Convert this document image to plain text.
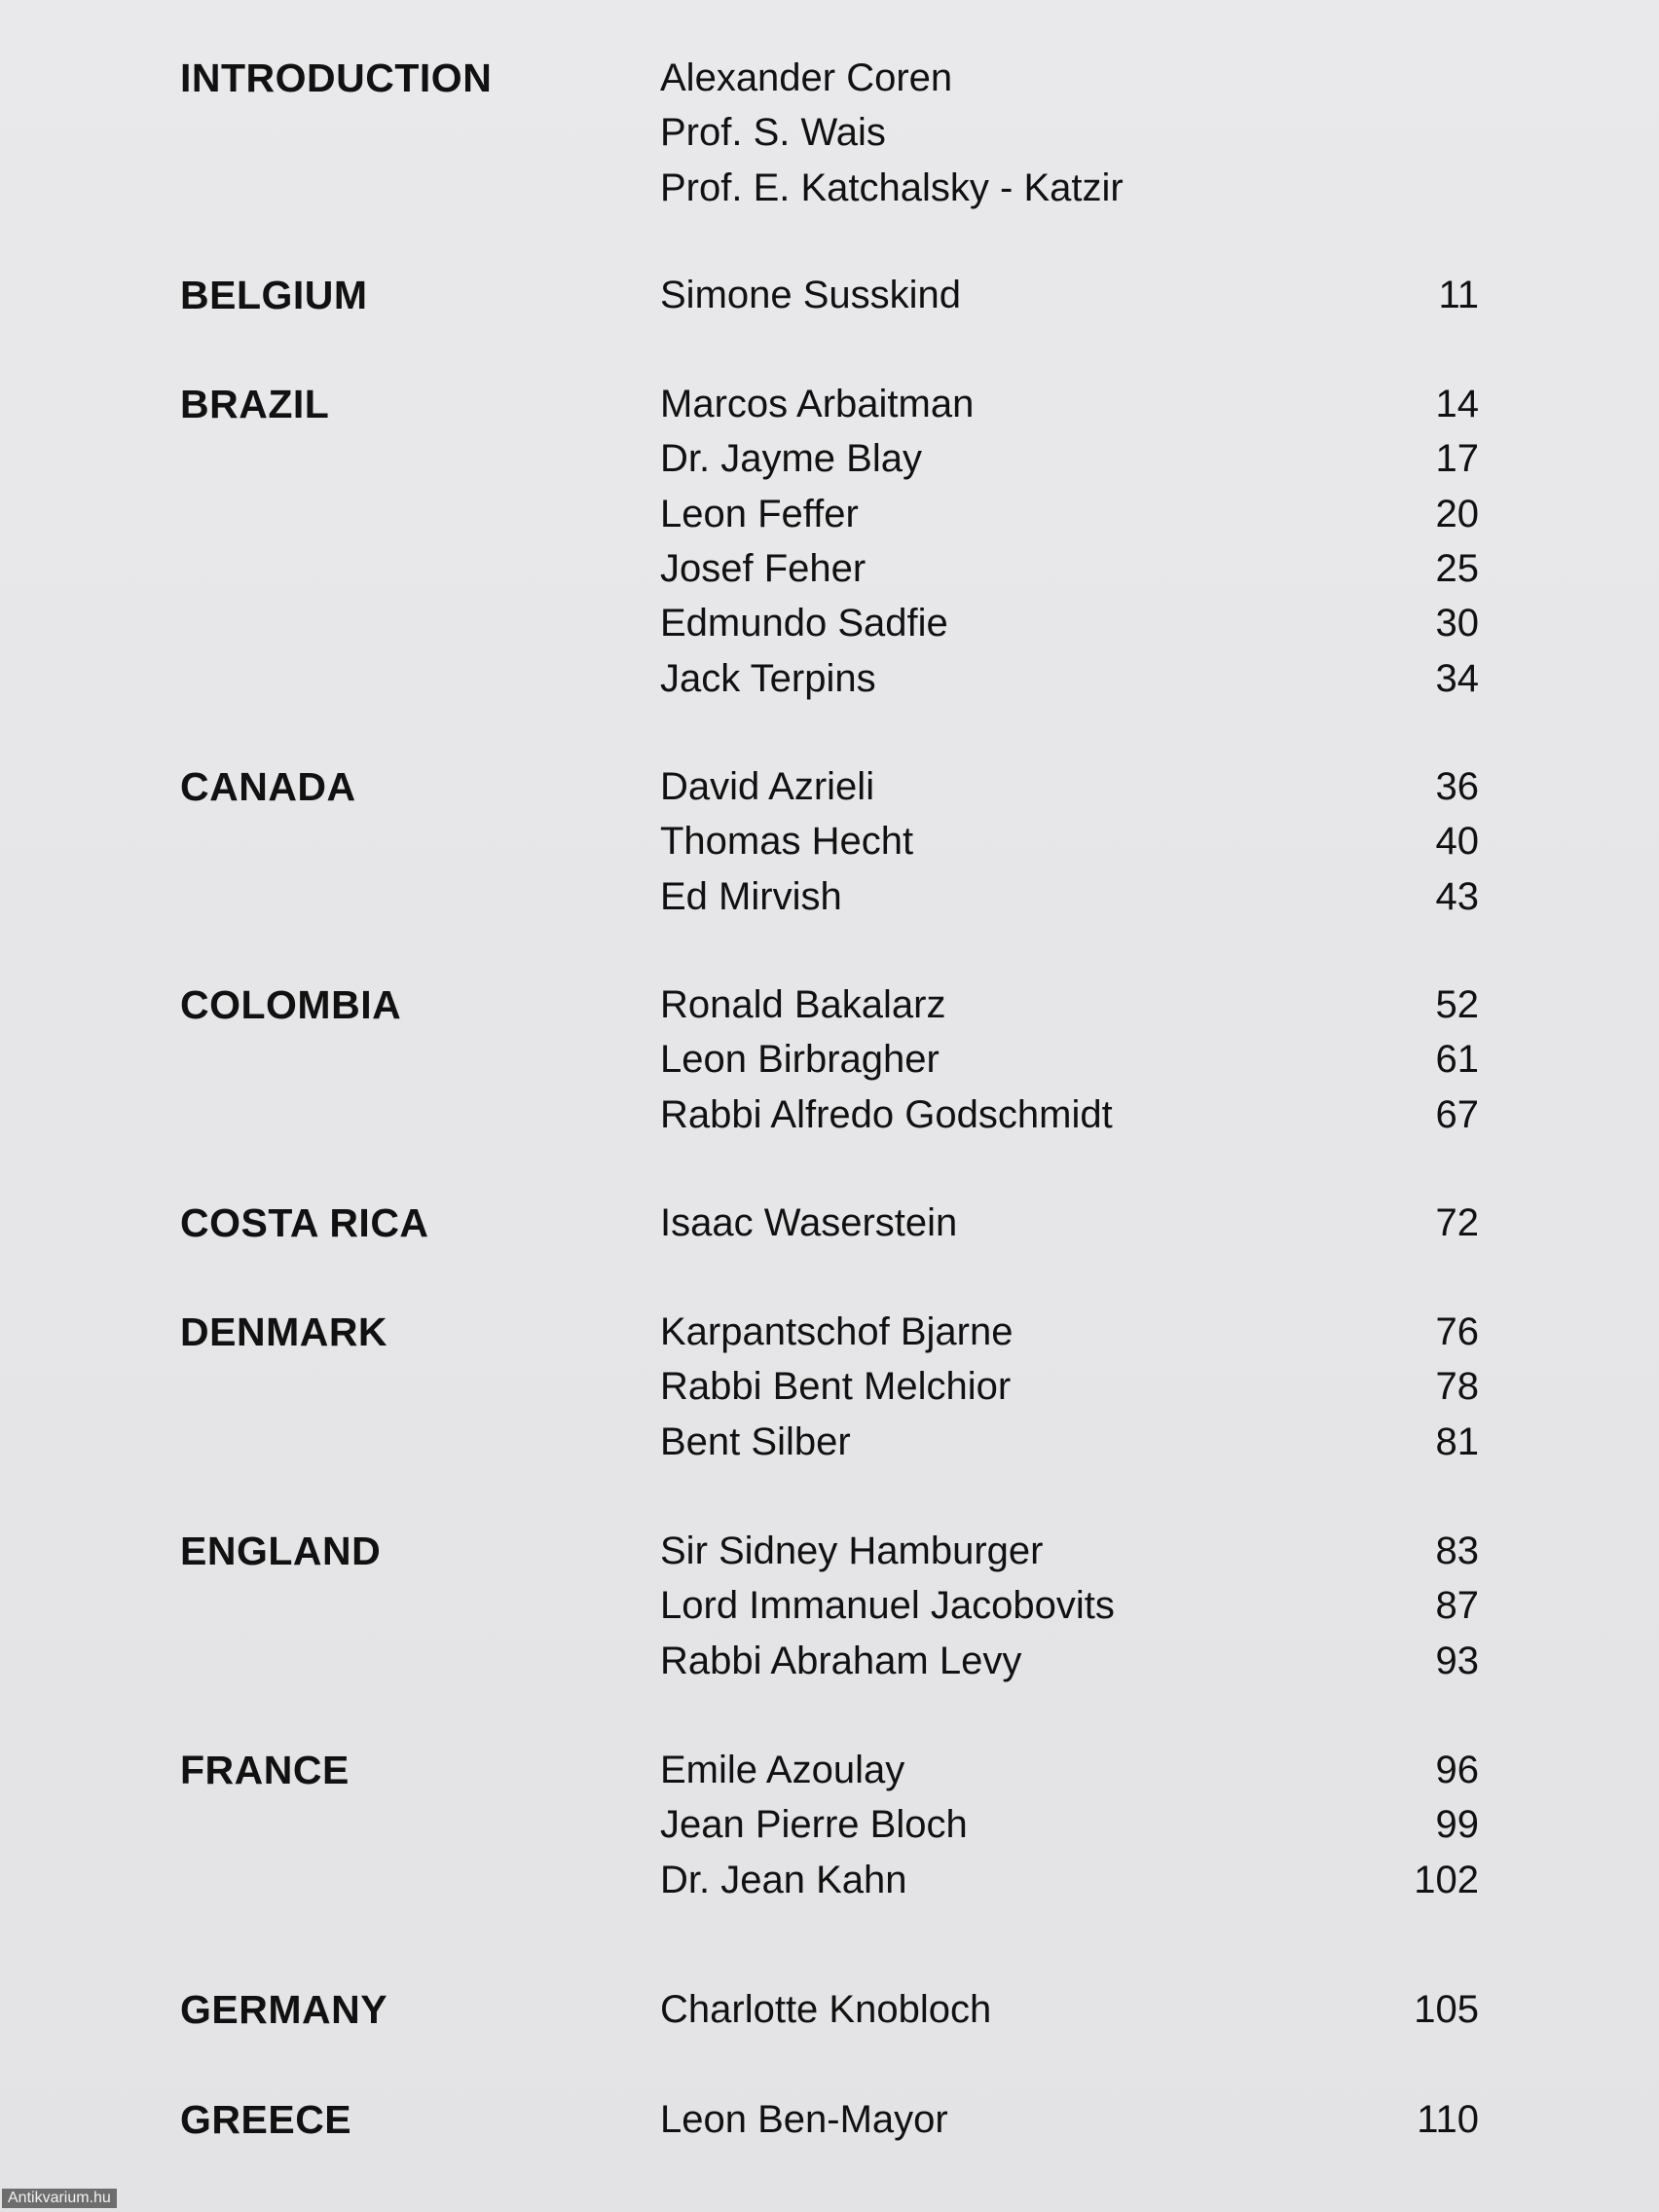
INTRODUCTION	Alexander Coren
Prof. S. Wais
Prof. E. Katchalsky - Katzir
BELGIUM	Simone Susskind	11
BRAZIL	Marcos Arbaitman	14
Dr. Jayme Blay	17
Leon Feffer	20
Josef Feher	25
Edmundo Sadfie	30
Jack Terpins	34
CANADA	David Azrieli	36
Thomas Hecht	40
Ed Mirvish	43
COLOMBIA	Ronald Bakalarz	52
Leon Birbragher	61
Rabbi Alfredo Godschmidt	67
COSTA RICA	Isaac Waserstein	72
DENMARK	Karpantschof Bjarne	76
Rabbi Bent Melchior	78
Bent Silber	81
ENGLAND	Sir Sidney Hamburger	83
Lord Immanuel Jacobovits	87
Rabbi Abraham Levy	93
FRANCE	Emile Azoulay	96
Jean Pierre Bloch	99
Dr. Jean Kahn	102
GERMANY	Charlotte Knobloch	105
GREECE	Leon Ben-Mayor	110
Antikvarium.hu
